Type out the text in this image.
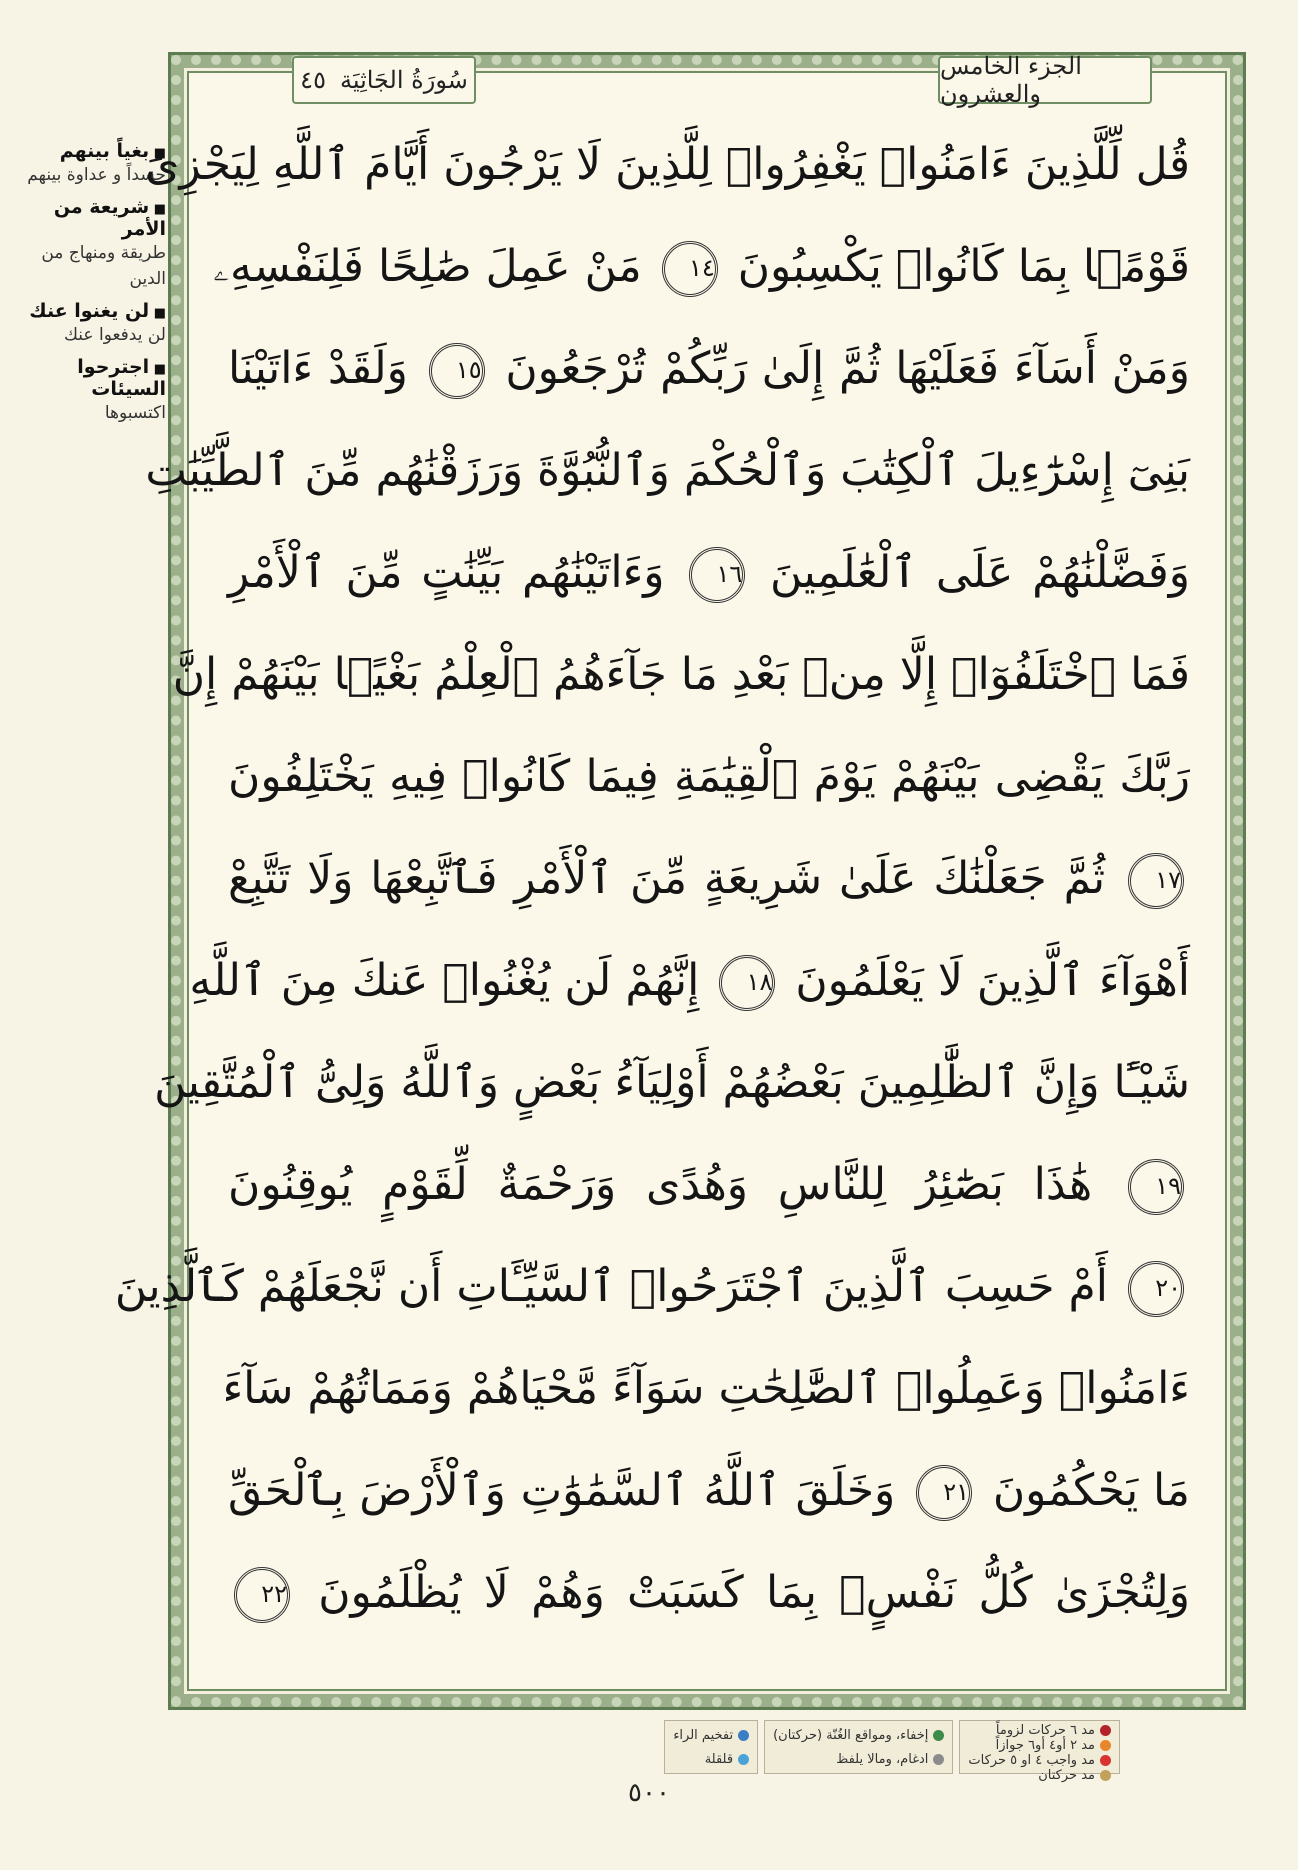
■ بغياً بينهم
حسداً و عداوة بينهم
■ شريعة من الأمر
طريقة ومنهاج من الدين
■ لن يغنوا عنك
لن يدفعوا عنك
■ اجترحوا السيئات
اكتسبوها
٤٥ سُورَةُ الجَاثِيَة	الجزء الخامس والعشرون
قُل لِّلَّذِينَ ءَامَنُوا۟ يَغْفِرُوا۟ لِلَّذِينَ لَا يَرْجُونَ أَيَّامَ ٱللَّهِ لِيَجْزِىَ
قَوْمًۢا بِمَا كَانُوا۟ يَكْسِبُونَ ١٤ مَنْ عَمِلَ صَٰلِحًا فَلِنَفْسِهِۦ
وَمَنْ أَسَآءَ فَعَلَيْهَا ثُمَّ إِلَىٰ رَبِّكُمْ تُرْجَعُونَ ١٥ وَلَقَدْ ءَاتَيْنَا
بَنِىٓ إِسْرَٰٓءِيلَ ٱلْكِتَٰبَ وَٱلْحُكْمَ وَٱلنُّبُوَّةَ وَرَزَقْنَٰهُم مِّنَ ٱلطَّيِّبَٰتِ
وَفَضَّلْنَٰهُمْ عَلَى ٱلْعَٰلَمِينَ ١٦ وَءَاتَيْنَٰهُم بَيِّنَٰتٍ مِّنَ ٱلْأَمْرِ
فَمَا ٱخْتَلَفُوٓا۟ إِلَّا مِنۢ بَعْدِ مَا جَآءَهُمُ ٱلْعِلْمُ بَغْيًۢا بَيْنَهُمْ إِنَّ
رَبَّكَ يَقْضِى بَيْنَهُمْ يَوْمَ ٱلْقِيَٰمَةِ فِيمَا كَانُوا۟ فِيهِ يَخْتَلِفُونَ
١٧ ثُمَّ جَعَلْنَٰكَ عَلَىٰ شَرِيعَةٍ مِّنَ ٱلْأَمْرِ فَٱتَّبِعْهَا وَلَا تَتَّبِعْ
أَهْوَآءَ ٱلَّذِينَ لَا يَعْلَمُونَ ١٨ إِنَّهُمْ لَن يُغْنُوا۟ عَنكَ مِنَ ٱللَّهِ
شَيْـًٔا وَإِنَّ ٱلظَّٰلِمِينَ بَعْضُهُمْ أَوْلِيَآءُ بَعْضٍ وَٱللَّهُ وَلِىُّ ٱلْمُتَّقِينَ
١٩ هَٰذَا بَصَٰٓئِرُ لِلنَّاسِ وَهُدًى وَرَحْمَةٌ لِّقَوْمٍ يُوقِنُونَ
٢٠ أَمْ حَسِبَ ٱلَّذِينَ ٱجْتَرَحُوا۟ ٱلسَّيِّـَٔاتِ أَن نَّجْعَلَهُمْ كَٱلَّذِينَ
ءَامَنُوا۟ وَعَمِلُوا۟ ٱلصَّٰلِحَٰتِ سَوَآءً مَّحْيَاهُمْ وَمَمَاتُهُمْ سَآءَ
مَا يَحْكُمُونَ ٢١ وَخَلَقَ ٱللَّهُ ٱلسَّمَٰوَٰتِ وَٱلْأَرْضَ بِٱلْحَقِّ
وَلِتُجْزَىٰ كُلُّ نَفْسٍۭ بِمَا كَسَبَتْ وَهُمْ لَا يُظْلَمُونَ ٢٢
مد ٦ حركات لزوماً
مد ٢ أو٤ أو٦ جوازاً
مد واجب ٤ او ٥ حركات
مد حركتان
إخفاء، ومواقع الغُنّة (حركتان)
ادغام، ومالا يلفظ
تفخيم الراء
قلقلة
٥٠٠
